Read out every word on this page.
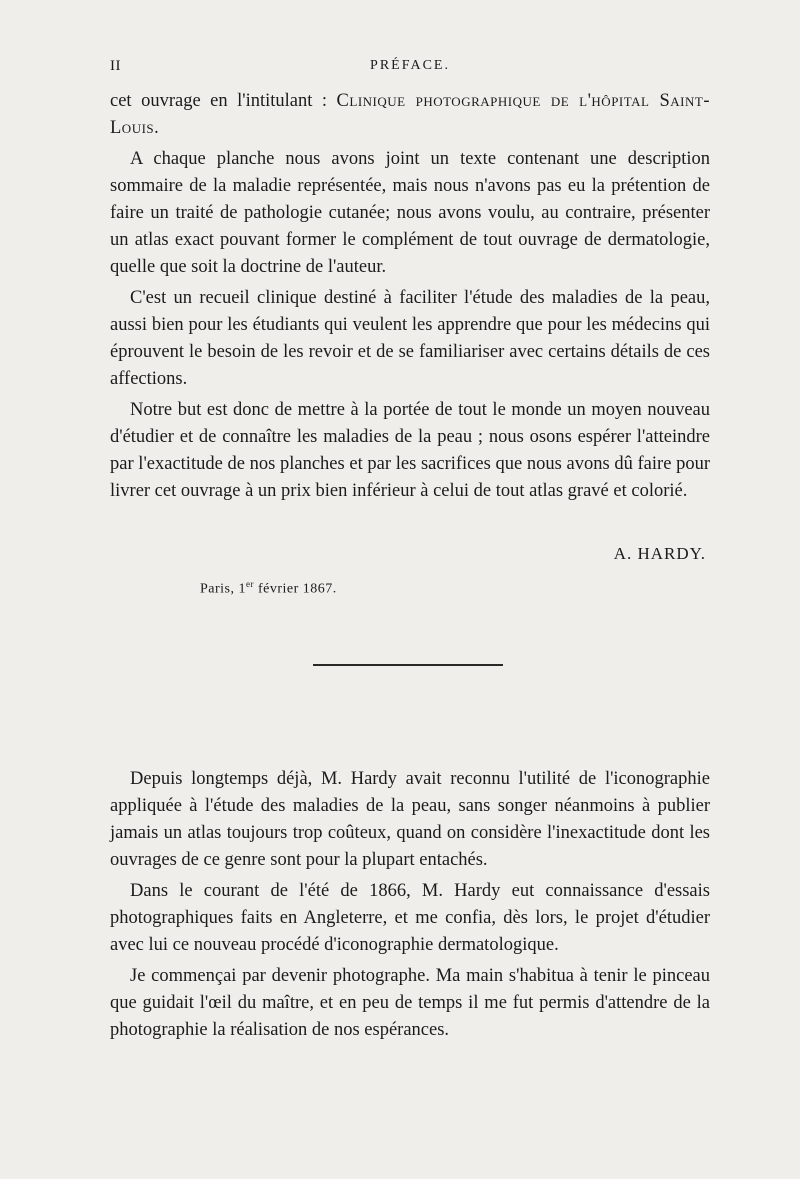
II	PRÉFACE.

cet ouvrage en l'intitulant : Clinique photographique de l'hôpital Saint-Louis.

A chaque planche nous avons joint un texte contenant une description sommaire de la maladie représentée, mais nous n'avons pas eu la prétention de faire un traité de pathologie cutanée; nous avons voulu, au contraire, présenter un atlas exact pouvant former le complément de tout ouvrage de dermatologie, quelle que soit la doctrine de l'auteur.

C'est un recueil clinique destiné à faciliter l'étude des maladies de la peau, aussi bien pour les étudiants qui veulent les apprendre que pour les médecins qui éprouvent le besoin de les revoir et de se familiariser avec certains détails de ces affections.

Notre but est donc de mettre à la portée de tout le monde un moyen nouveau d'étudier et de connaître les maladies de la peau ; nous osons espérer l'atteindre par l'exactitude de nos planches et par les sacrifices que nous avons dû faire pour livrer cet ouvrage à un prix bien inférieur à celui de tout atlas gravé et colorié.

A. HARDY.
Paris, 1er février 1867.

Depuis longtemps déjà, M. Hardy avait reconnu l'utilité de l'iconographie appliquée à l'étude des maladies de la peau, sans songer néanmoins à publier jamais un atlas toujours trop coûteux, quand on considère l'inexactitude dont les ouvrages de ce genre sont pour la plupart entachés.

Dans le courant de l'été de 1866, M. Hardy eut connaissance d'essais photographiques faits en Angleterre, et me confia, dès lors, le projet d'étudier avec lui ce nouveau procédé d'iconographie dermatologique.

Je commençai par devenir photographe. Ma main s'habitua à tenir le pinceau que guidait l'œil du maître, et en peu de temps il me fut permis d'attendre de la photographie la réalisation de nos espérances.
